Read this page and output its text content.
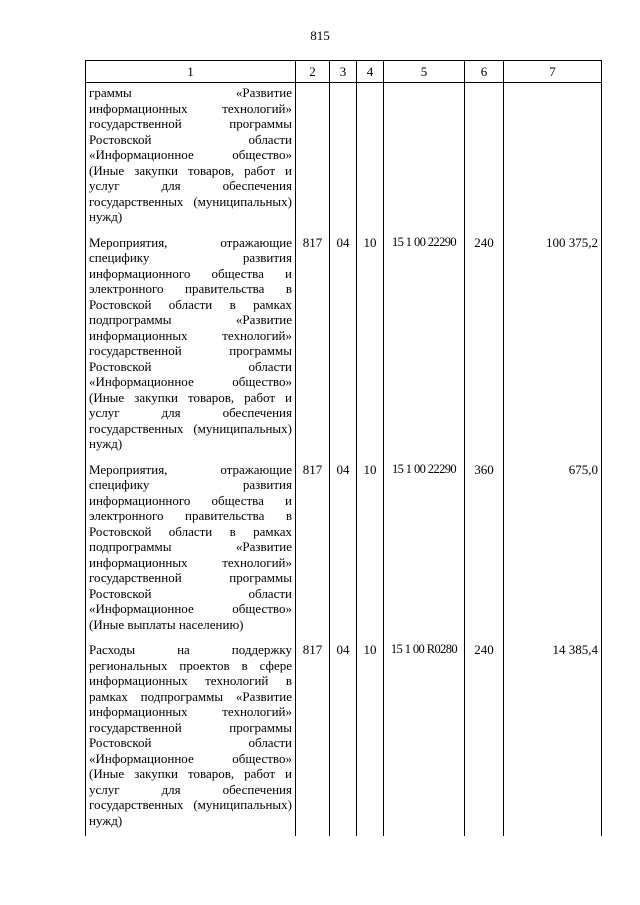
815
1	2	3	4	5	6	7
граммы «Развитие информационных технологий» государственной программы Ростовской области «Информационное общество» (Иные закупки товаров, работ и услуг для обеспечения государственных (муниципальных) нужд)						
Мероприятия, отражающие специфику развития информационного общества и электронного правительства в Ростовской области в рамках подпрограммы «Развитие информационных технологий» государственной программы Ростовской области «Информационное общество» (Иные закупки товаров, работ и услуг для обеспечения государственных (муниципальных) нужд)	817	04	10	15 1 00 22290	240	100 375,2
Мероприятия, отражающие специфику развития информационного общества и электронного правительства в Ростовской области в рамках подпрограммы «Развитие информационных технологий» государственной программы Ростовской области «Информационное общество» (Иные выплаты населению)	817	04	10	15 1 00 22290	360	675,0
Расходы на поддержку региональных проектов в сфере информационных технологий в рамках подпрограммы «Развитие информационных технологий» государственной программы Ростовской области «Информационное общество» (Иные закупки товаров, работ и услуг для обеспечения государственных (муниципальных) нужд)	817	04	10	15 1 00 R0280	240	14 385,4
